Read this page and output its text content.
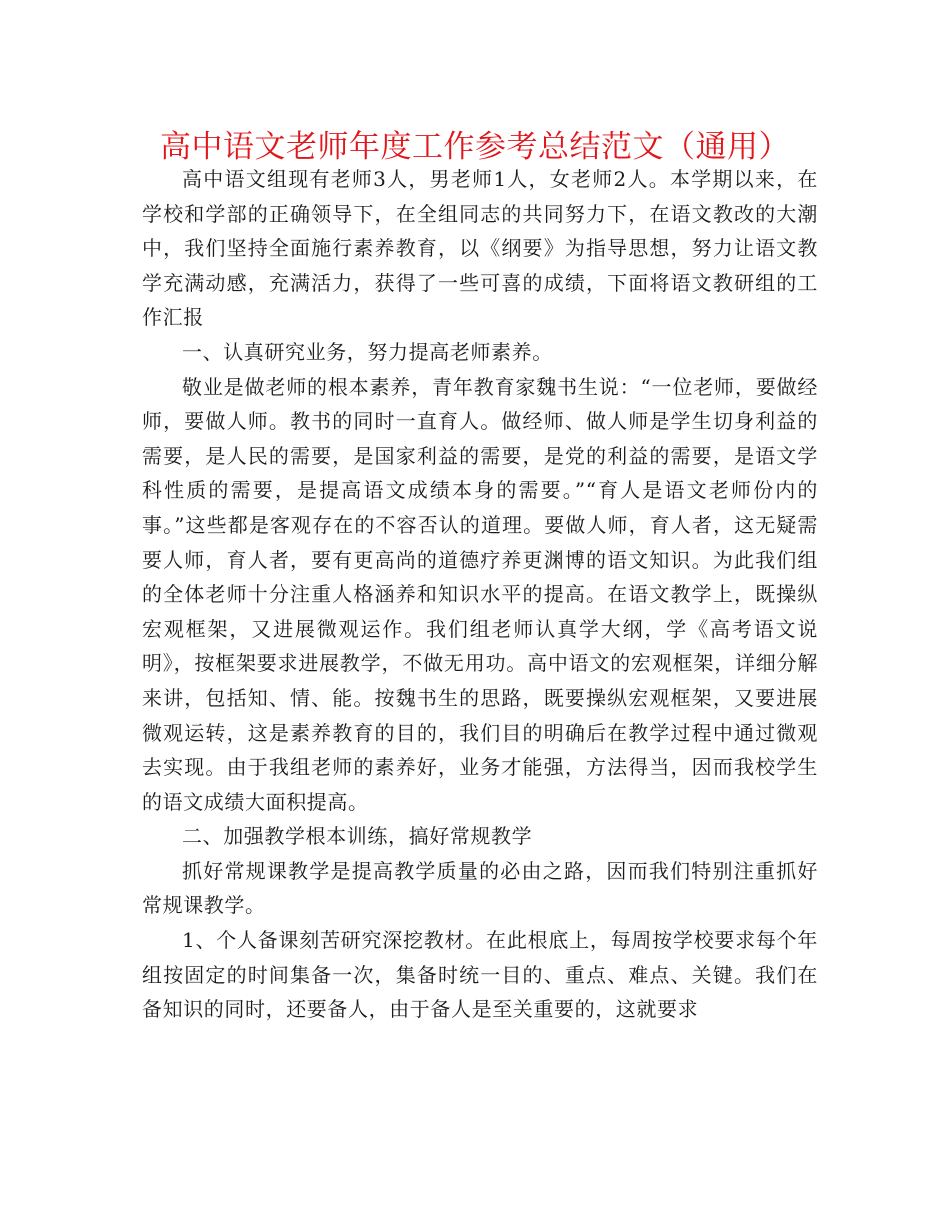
高中语文老师年度工作参考总结范文（通用）

高中语文组现有老师3人，男老师1人，女老师2人。本学期以来，在学校和学部的正确领导下，在全组同志的共同努力下，在语文教改的大潮中，我们坚持全面施行素养教育，以《纲要》为指导思想，努力让语文教学充满动感，充满活力，获得了一些可喜的成绩，下面将语文教研组的工作汇报

一、认真研究业务，努力提高老师素养。

敬业是做老师的根本素养，青年教育家魏书生说：“一位老师，要做经师，要做人师。教书的同时一直育人。做经师、做人师是学生切身利益的需要，是人民的需要，是国家利益的需要，是党的利益的需要，是语文学科性质的需要，是提高语文成绩本身的需要。”“育人是语文老师份内的事。”这些都是客观存在的不容否认的道理。要做人师，育人者，这无疑需要人师，育人者，要有更高尚的道德疗养更渊博的语文知识。为此我们组的全体老师十分注重人格涵养和知识水平的提高。在语文教学上，既操纵宏观框架，又进展微观运作。我们组老师认真学大纲，学《高考语文说明》，按框架要求进展教学，不做无用功。高中语文的宏观框架，详细分解来讲，包括知、情、能。按魏书生的思路，既要操纵宏观框架，又要进展微观运转，这是素养教育的目的，我们目的明确后在教学过程中通过微观去实现。由于我组老师的素养好，业务才能强，方法得当，因而我校学生的语文成绩大面积提高。

二、加强教学根本训练，搞好常规教学

抓好常规课教学是提高教学质量的必由之路，因而我们特别注重抓好常规课教学。

1、个人备课刻苦研究深挖教材。在此根底上，每周按学校要求每个年组按固定的时间集备一次，集备时统一目的、重点、难点、关键。我们在备知识的同时，还要备人，由于备人是至关重要的，这就要求
